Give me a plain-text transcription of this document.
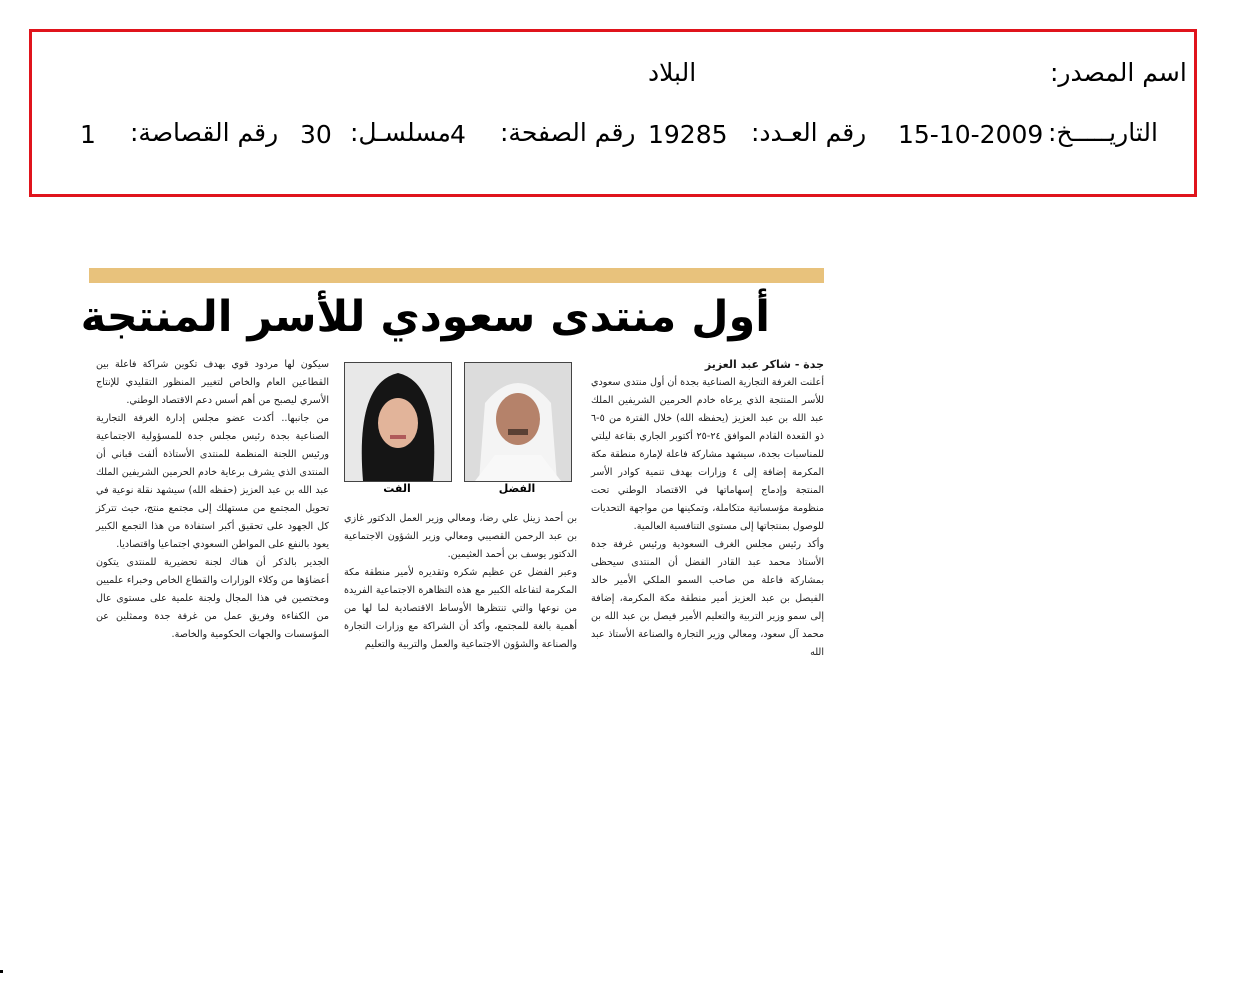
اسم المصدر:
البلاد
التاريـــــخ:
15-10-2009
رقم العـدد:
19285
رقم الصفحة:
4
مسلسـل:
30
رقم القصاصة:
1
أول منتدى سعودي للأسر المنتجة

جدة - شاكر عبد العزيز

أعلنت الغرفة التجارية الصناعية بجدة أن أول منتدى سعودي للأسر المنتجة الذي يرعاه خادم الحرمين الشريفين الملك عبد الله بن عبد العزيز (يحفظه الله) خلال الفترة من ٥-٦ ذو القعدة القادم الموافق ٢٤-٢٥ أكتوبر الجاري بقاعة ليلتي للمناسبات بجدة، سيشهد مشاركة فاعلة لإمارة منطقة مكة المكرمة إضافة إلى ٤ وزارات بهدف تنمية كوادر الأسر المنتجة وإدماج إسهاماتها في الاقتصاد الوطني تحت منظومة مؤسساتية متكاملة، وتمكينها من مواجهة التحديات للوصول بمنتجاتها إلى مستوى التنافسية العالمية.

وأكد رئيس مجلس الغرف السعودية ورئيس غرفة جدة الأستاذ محمد عبد القادر الفضل أن المنتدى سيحظى بمشاركة فاعلة من صاحب السمو الملكي الأمير خالد الفيصل بن عبد العزيز أمير منطقة مكة المكرمة، إضافة إلى سمو وزير التربية والتعليم الأمير فيصل بن عبد الله بن محمد آل سعود، ومعالي وزير التجارة والصناعة الأستاذ عبد الله

الفضل
الفت

بن أحمد زينل علي رضا، ومعالي وزير العمل الدكتور غازي بن عبد الرحمن القصيبي ومعالي وزير الشؤون الاجتماعية الدكتور يوسف بن أحمد العثيمين.

وعبر الفضل عن عظيم شكره وتقديره لأمير منطقة مكة المكرمة لتفاعله الكبير مع هذه التظاهرة الاجتماعية الفريدة من نوعها والتي تنتظرها الأوساط الاقتصادية لما لها من أهمية بالغة للمجتمع، وأكد أن الشراكة مع وزارات التجارة والصناعة والشؤون الاجتماعية والعمل والتربية والتعليم

سيكون لها مردود قوي بهدف تكوين شراكة فاعلة بين القطاعين العام والخاص لتغيير المنظور التقليدي للإنتاج الأسري ليصبح من أهم أسس دعم الاقتصاد الوطني.

من جانبها.. أكدت عضو مجلس إدارة الغرفة التجارية الصناعية بجدة رئيس مجلس جدة للمسؤولية الاجتماعية ورئيس اللجنة المنظمة للمنتدى الأستاذة ألفت قباني أن المنتدى الذي يشرف برعاية خادم الحرمين الشريفين الملك عبد الله بن عبد العزيز (حفظه الله) سيشهد نقلة نوعية في تحويل المجتمع من مستهلك إلى مجتمع منتج، حيث تتركز كل الجهود على تحقيق أكبر استفادة من هذا التجمع الكبير يعود بالنفع على المواطن السعودي اجتماعيا واقتصاديا.

الجدير بالذكر أن هناك لجنة تحضيرية للمنتدى يتكون أعضاؤها من وكلاء الوزارات والقطاع الخاص وخبراء علميين ومختصين في هذا المجال ولجنة علمية على مستوى عال من الكفاءة وفريق عمل من غرفة جدة وممثلين عن المؤسسات والجهات الحكومية والخاصة.
